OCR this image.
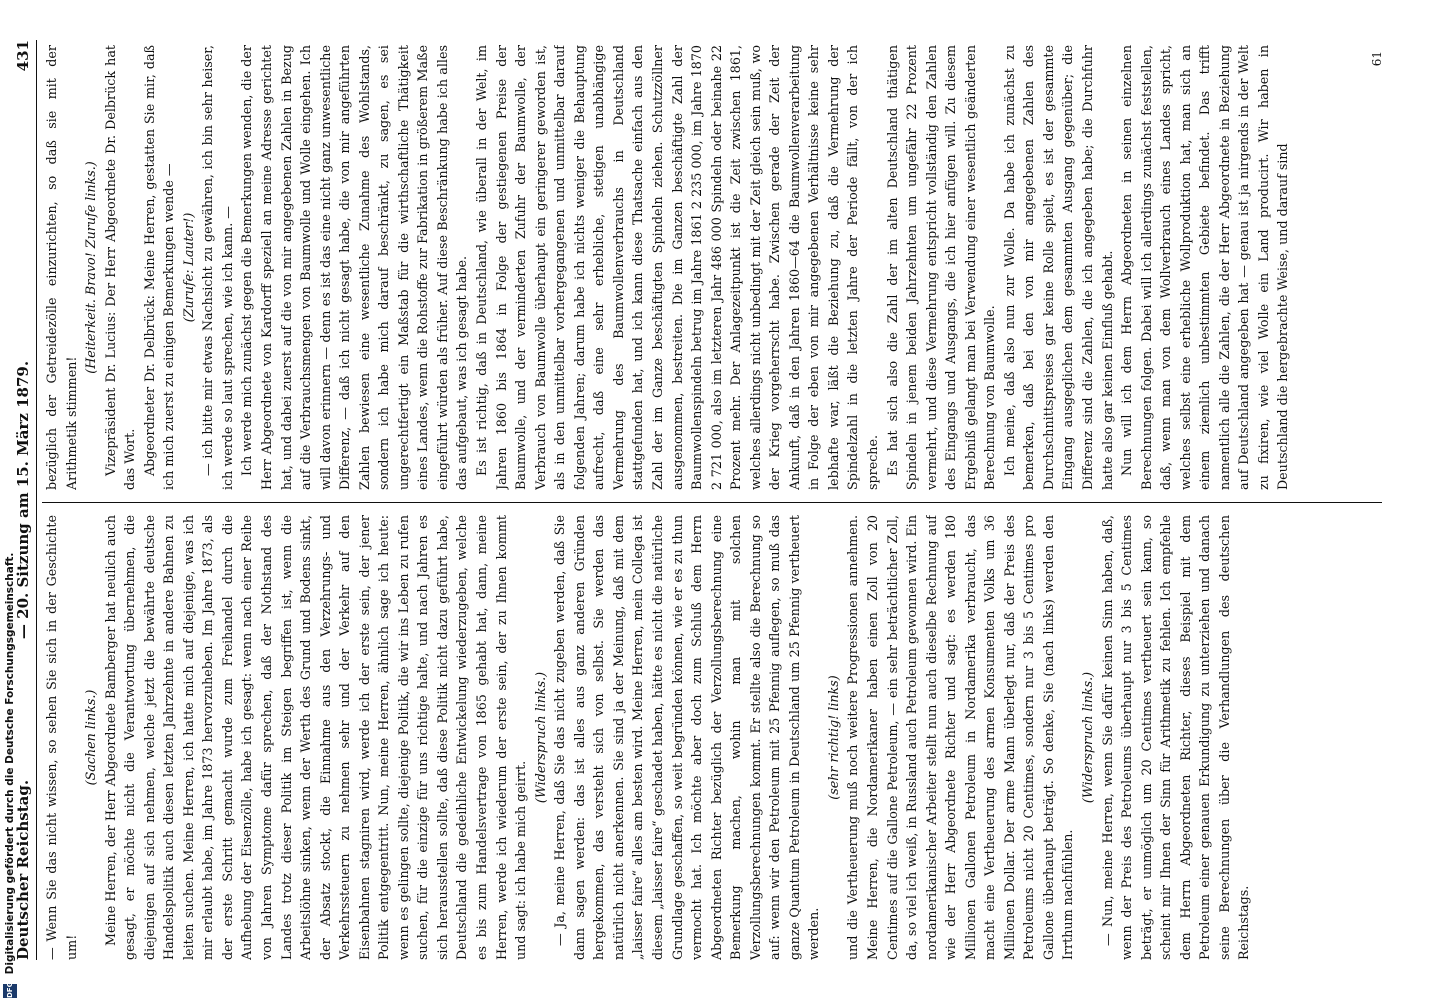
Deutscher Reichstag.
— 20. Sitzung am 15. März 1879.
431

— Wenn Sie das nicht wissen, so sehen Sie sich in der Geschichte um!

(Sachen links.) Meine Herren, der Herr Abgeordnete Bamberger hat neulich auch gesagt, er möchte nicht die Verantwortung übernehmen, die diejenigen auf sich nehmen, welche jetzt die bewährte deutsche Handelspolitik auch diesen letzten Jahrzehnte in andere Bahnen zu leiten suchen. Meine Herren, ich hatte mich auf diejenige, was ich mir erlaubt habe, im Jahre 1873 hervorzuheben. Im Jahre 1873, als der erste Schritt gemacht wurde zum Freihandel durch die Aufhebung der Eisenzölle, habe ich gesagt: wenn nach einer Reihe von Jahren Symptome dafür sprechen, daß der Nothstand des Landes trotz dieser Politik im Steigen begriffen ist, wenn die Arbeitslöhne sinken, wenn der Werth des Grund und Bodens sinkt, der Absatz stockt, die Einnahme aus den Verzehrungs- und Verkehrssteuern zu nehmen sehr und der Verkehr auf den Eisenbahnen stagniren wird, werde ich der erste sein, der jener Politik entgegentritt. Nun, meine Herren, ähnlich sage ich heute: wenn es gelingen sollte, diejenige Politik, die wir ins Leben zu rufen suchen, für die einzige für uns richtige halte, und nach Jahren es sich herausstellen sollte, daß diese Politik nicht dazu geführt habe, Deutschland die gedeihliche Entwickelung wiederzugeben, welche es bis zum Handelsvertrage von 1865 gehabt hat, dann, meine Herren, werde ich wiederum der erste sein, der zu Ihnen kommt und sagt: ich habe mich geirrt.

(Widerspruch links.) — Ja, meine Herren, daß Sie das nicht zugeben werden, daß Sie dann sagen werden: das ist alles aus ganz anderen Gründen hergekommen, das versteht sich von selbst. Sie werden das natürlich nicht anerkennen. Sie sind ja der Meinung, daß mit dem „laisser faire“ alles am besten wird. Meine Herren, mein Collega ist diesem „laisser faire“ geschadet haben, hätte es nicht die natürliche Grundlage geschaffen, so weit begründen können, wie er es zu thun vermocht hat. Ich möchte aber doch zum Schluß dem Herrn Abgeordneten Richter bezüglich der Verzollungsberechnung eine Bemerkung machen, wohin man mit solchen Verzollungsberechnungen kommt. Er stellte also die Berechnung so auf: wenn wir den Petroleum mit 25 Pfennig auflegen, so muß das ganze Quantum Petroleum in Deutschland um 25 Pfennig vertheuert werden.

(sehr richtig! links) und die Vertheuerung muß noch weitere Progressionen annehmen. Meine Herren, die Nordamerikaner haben einen Zoll von 20 Centimes auf die Gallone Petroleum, — ein sehr beträchtlicher Zoll, da, so viel ich weiß, in Russland auch Petroleum gewonnen wird. Ein nordamerikanischer Arbeiter stellt nun auch dieselbe Rechnung auf wie der Herr Abgeordnete Richter und sagt: es werden 180 Millionen Gallonen Petroleum in Nordamerika verbraucht, das macht eine Vertheuerung des armen Konsumenten Volks um 36 Millionen Dollar. Der arme Mann überlegt nur, daß der Preis des Petroleums nicht 20 Centimes, sondern nur 3 bis 5 Centimes pro Gallone überhaupt beträgt. So denke, Sie (nach links) werden den Irrthum nachfühlen.

(Widerspruch links.) — Nun, meine Herren, wenn Sie dafür keinen Sinn haben, daß, wenn der Preis des Petroleums überhaupt nur 3 bis 5 Centimes beträgt, er unmöglich um 20 Centimes vertheuert sein kann, so scheint mir Ihnen der Sinn für Arithmetik zu fehlen. Ich empfehle dem Herrn Abgeordneten Richter, dieses Beispiel mit dem Petroleum einer genauen Erkundigung zu unterziehen und danach seine Berechnungen über die Verhandlungen des deutschen Reichstags.

bezüglich der Getreidezölle einzurichten, so daß sie mit der Arithmetik stimmen!

(Heiterkeit. Bravo! Zurufe links.) Vizepräsident Dr. Lucius: Der Herr Abgeordnete Dr. Delbrück hat das Wort. Abgeordneter Dr. Delbrück: Meine Herren, gestatten Sie mir, daß ich mich zuerst zu einigen Bemerkungen wende — (Zurufe: Lauter!) — ich bitte mir etwas Nachsicht zu gewähren, ich bin sehr heiser, ich werde so laut sprechen, wie ich kann. — Ich werde mich zunächst gegen die Bemerkungen wenden, die der Herr Abgeordnete von Kardorff speziell an meine Adresse gerichtet hat, und dabei zuerst auf die von mir angegebenen Zahlen in Bezug auf die Verbrauchsmengen von Baumwolle und Wolle eingehen. Ich will davon erinnern — denn es ist das eine nicht ganz unwesentliche Differenz, — daß ich nicht gesagt habe, die von mir angeführten Zahlen bewiesen eine wesentliche Zunahme des Wohlstands, sondern ich habe mich darauf beschränkt, zu sagen, es sei ungerechtfertigt ein Maßstab für die wirthschaftliche Thätigkeit eines Landes, wenn die Rohstoffe zur Fabrikation in größerem Maße eingeführt würden als früher. Auf diese Beschränkung habe ich alles das aufgebaut, was ich gesagt habe. Es ist richtig, daß in Deutschland, wie überall in der Welt, im Jahren 1860 bis 1864 in Folge der gestiegenen Preise der Baumwolle, und der verminderten Zufuhr der Baumwolle, der Verbrauch von Baumwolle überhaupt ein geringerer geworden ist, als in den unmittelbar vorhergegangenen und unmittelbar darauf folgenden Jahren; darum habe ich nichts weniger die Behauptung aufrecht, daß eine sehr erhebliche, stetigen unabhängige Vermehrung des Baumwollenverbrauchs in Deutschland stattgefunden hat, und ich kann diese Thatsache einfach aus den Zahl der im Ganze beschäftigten Spindeln ziehen. Schutzzöllner ausgenommen, bestreiten. Die im Ganzen beschäftigte Zahl der Baumwollenspindeln betrug im Jahre 1861 2 235 000, im Jahre 1870 2 721 000, also im letzteren Jahr 486 000 Spindeln oder beinahe 22 Prozent mehr. Der Anlagezeitpunkt ist die Zeit zwischen 1861, welches allerdings nicht unbedingt mit der Zeit gleich sein muß, wo der Krieg vorgeherrscht habe. Zwischen gerade der Zeit der Ankunft, daß in den Jahren 1860—64 die Baumwollenverarbeitung in Folge der eben von mir angegebenen Verhältnisse keine sehr lebhafte war, läßt die Beziehung zu, daß die Vermehrung der Spindelzahl in die letzten Jahre der Periode fällt, von der ich spreche. Es hat sich also die Zahl der im alten Deutschland thätigen Spindeln in jenem beiden Jahrzehnten um ungefähr 22 Prozent vermehrt, und diese Vermehrung entspricht vollständig den Zahlen des Eingangs und Ausgangs, die ich hier anfügen will. Zu diesem Ergebniß gelangt man bei Verwendung einer wesentlich geänderten Berechnung von Baumwolle. Ich meine, daß also nun zur Wolle. Da habe ich zunächst zu bemerken, daß bei den von mir angegebenen Zahlen des Durchschnittspreises gar keine Rolle spielt, es ist der gesammte Eingang ausgeglichen dem gesammten Ausgang gegenüber; die Differenz sind die Zahlen, die ich angegeben habe; die Durchfuhr hatte also gar keinen Einfluß gehabt. Nun will ich dem Herrn Abgeordneten in seinen einzelnen Berechnungen folgen. Dabei will ich allerdings zunächst feststellen, daß, wenn man von dem Wollverbrauch eines Landes spricht, welches selbst eine erhebliche Wollproduktion hat, man sich an einem ziemlich unbestimmten Gebiete befindet. Das trifft namentlich alle die Zahlen, die der Herr Abgeordnete in Beziehung auf Deutschland angegeben hat — genau ist ja nirgends in der Welt zu fixiren, wie viel Wolle ein Land producirt. Wir haben in Deutschland die hergebrachte Weise, und darauf sind

61
DFG Digitalisierung gefördert durch die Deutsche Forschungsgemeinschaft.
